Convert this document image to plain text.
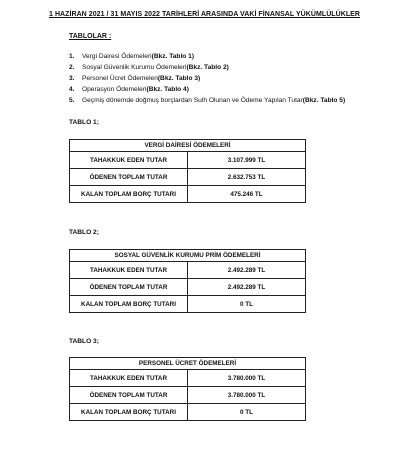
1 HAZİRAN 2021 / 31 MAYIS 2022 TARİHLERİ ARASINDA VAKİ FİNANSAL YÜKÜMLÜLÜKLER
TABLOLAR :
1.	Vergi Dairesi Ödemeleri (Bkz. Tablo 1)
2.	Sosyal Güvenlik Kurumu Ödemeleri (Bkz. Tablo 2)
3.	Personel Ücret Ödemeleri (Bkz. Tablo 3)
4.	Operasyon Ödemeleri (Bkz. Tablo 4)
5.	Geçmiş dönemde doğmuş borçlardan Sulh Olunan ve Ödeme Yapılan Tutar (Bkz. Tablo 5)
TABLO 1;
VERGİ DAİRESİ ÖDEMELERİ	
TAHAKKUK EDEN TUTAR	3.107.999 TL
ÖDENEN TOPLAM TUTAR	2.632.753 TL
KALAN TOPLAM BORÇ TUTARI	475.246 TL
TABLO 2;
SOSYAL GÜVENLİK KURUMU PRİM ÖDEMELERİ	
TAHAKKUK EDEN TUTAR	2.492.289 TL
ÖDENEN TOPLAM TUTAR	2.492.289 TL
KALAN TOPLAM BORÇ TUTARI	0 TL
TABLO 3;
PERSONEL ÜCRET ÖDEMELERİ	
TAHAKKUK EDEN TUTAR	3.780.000 TL
ÖDENEN TOPLAM TUTAR	3.780.000 TL
KALAN TOPLAM BORÇ TUTARI	0 TL
